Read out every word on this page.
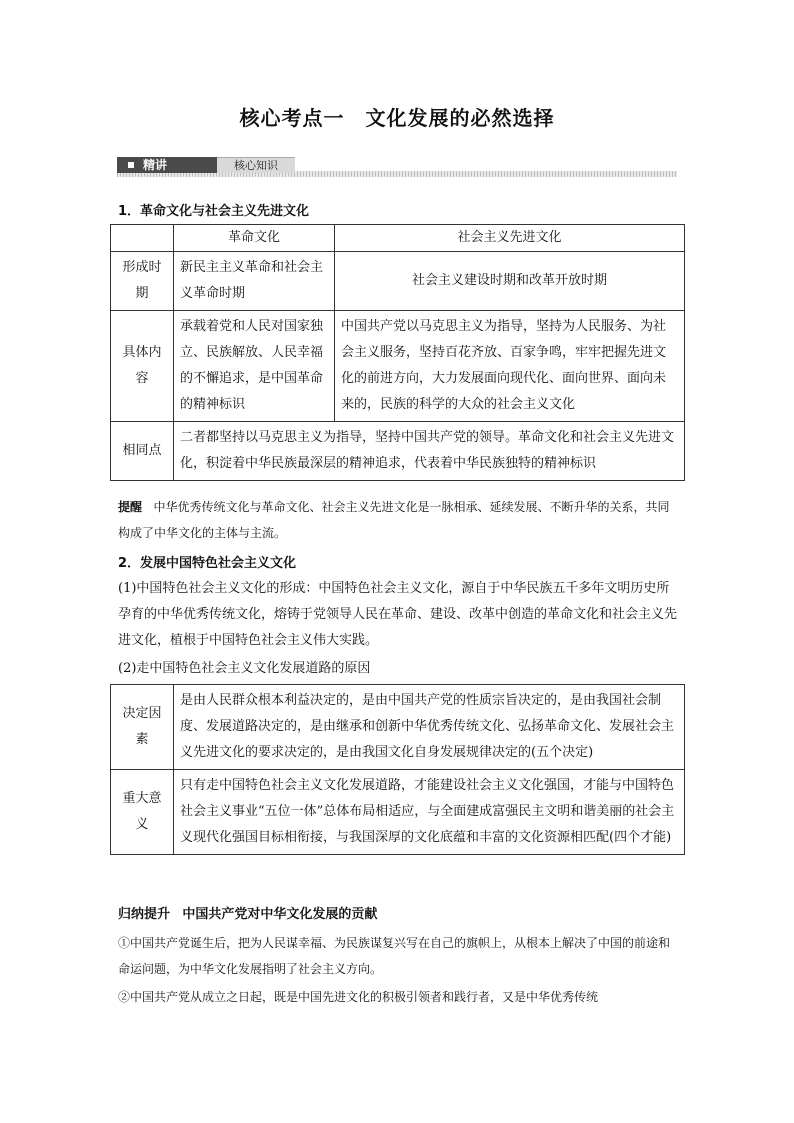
核心考点一　文化发展的必然选择
精讲	核心知识
1．革命文化与社会主义先进文化
	革命文化	社会主义先进文化
形成时期	新民主主义革命和社会主义革命时期	社会主义建设时期和改革开放时期
具体内容	承载着党和人民对国家独立、民族解放、人民幸福的不懈追求，是中国革命的精神标识	中国共产党以马克思主义为指导，坚持为人民服务、为社会主义服务，坚持百花齐放、百家争鸣，牢牢把握先进文化的前进方向，大力发展面向现代化、面向世界、面向未来的，民族的科学的大众的社会主义文化
相同点	二者都坚持以马克思主义为指导，坚持中国共产党的领导。革命文化和社会主义先进文化，积淀着中华民族最深层的精神追求，代表着中华民族独特的精神标识	
提醒 中华优秀传统文化与革命文化、社会主义先进文化是一脉相承、延续发展、不断升华的关系，共同构成了中华文化的主体与主流。
2．发展中国特色社会主义文化
(1)中国特色社会主义文化的形成：中国特色社会主义文化，源自于中华民族五千多年文明历史所孕育的中华优秀传统文化，熔铸于党领导人民在革命、建设、改革中创造的革命文化和社会主义先进文化，植根于中国特色社会主义伟大实践。
(2)走中国特色社会主义文化发展道路的原因
决定因素	是由人民群众根本利益决定的，是由中国共产党的性质宗旨决定的，是由我国社会制度、发展道路决定的，是由继承和创新中华优秀传统文化、弘扬革命文化、发展社会主义先进文化的要求决定的，是由我国文化自身发展规律决定的(五个决定)
重大意义	只有走中国特色社会主义文化发展道路，才能建设社会主义文化强国，才能与中国特色社会主义事业“五位一体”总体布局相适应，与全面建成富强民主文明和谐美丽的社会主义现代化强国目标相衔接，与我国深厚的文化底蕴和丰富的文化资源相匹配(四个才能)
归纳提升 中国共产党对中华文化发展的贡献
①中国共产党诞生后，把为人民谋幸福、为民族谋复兴写在自己的旗帜上，从根本上解决了中国的前途和命运问题，为中华文化发展指明了社会主义方向。
②中国共产党从成立之日起，既是中国先进文化的积极引领者和践行者，又是中华优秀传统
